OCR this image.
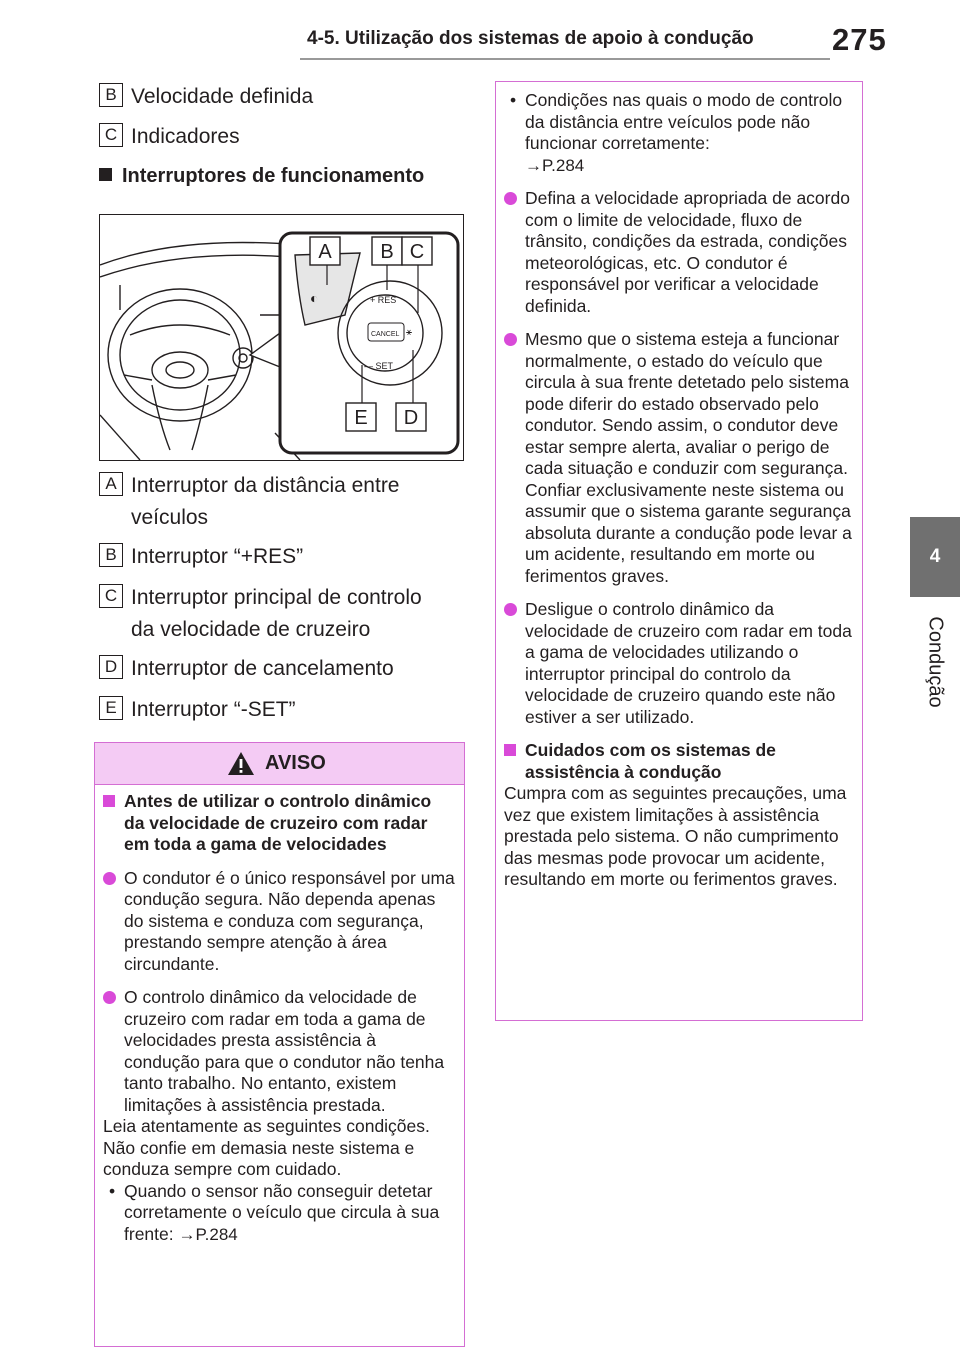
4-5. Utilização dos sistemas de apoio à condução	275
4
Condução
B Velocidade definida
C Indicadores
Interruptores de funcionamento
◐	+ RES
CANCEL ⚹
— SET
A B C
E D
A Interruptor da distância entre
veículos
B Interruptor “+RES”
C Interruptor principal de controlo
da velocidade de cruzeiro
D Interruptor de cancelamento
E Interruptor “-SET”
AVISO
Antes de utilizar o controlo dinâmico da velocidade de cruzeiro com radar em toda a gama de velocidades
O condutor é o único responsável por uma condução segura. Não dependa apenas do sistema e conduza com segurança, prestando sempre atenção à área circundante.
O controlo dinâmico da velocidade de cruzeiro com radar em toda a gama de velocidades presta assistência à condução para que o condutor não tenha tanto trabalho. No entanto, existem limitações à assistência prestada.
Leia atentamente as seguintes condições. Não confie em demasia neste sistema e conduza sempre com cuidado.
• Quando o sensor não conseguir detetar corretamente o veículo que circula à sua frente: →P.284
• Condições nas quais o modo de controlo da distância entre veículos pode não funcionar corretamente:
→P.284
Defina a velocidade apropriada de acordo com o limite de velocidade, fluxo de trânsito, condições da estrada, condições meteorológicas, etc. O condutor é responsável por verificar a velocidade definida.
Mesmo que o sistema esteja a funcionar normalmente, o estado do veículo que circula à sua frente detetado pelo sistema pode diferir do estado observado pelo condutor. Sendo assim, o condutor deve estar sempre alerta, avaliar o perigo de cada situação e conduzir com segurança. Confiar exclusivamente neste sistema ou assumir que o sistema garante segurança absoluta durante a condução pode levar a um acidente, resultando em morte ou ferimentos graves.
Desligue o controlo dinâmico da velocidade de cruzeiro com radar em toda a gama de velocidades utilizando o interruptor principal do controlo da velocidade de cruzeiro quando este não estiver a ser utilizado.
Cuidados com os sistemas de assistência à condução
Cumpra com as seguintes precauções, uma vez que existem limitações à assistência prestada pelo sistema. O não cumprimento das mesmas pode provocar um acidente, resultando em morte ou ferimentos graves.
